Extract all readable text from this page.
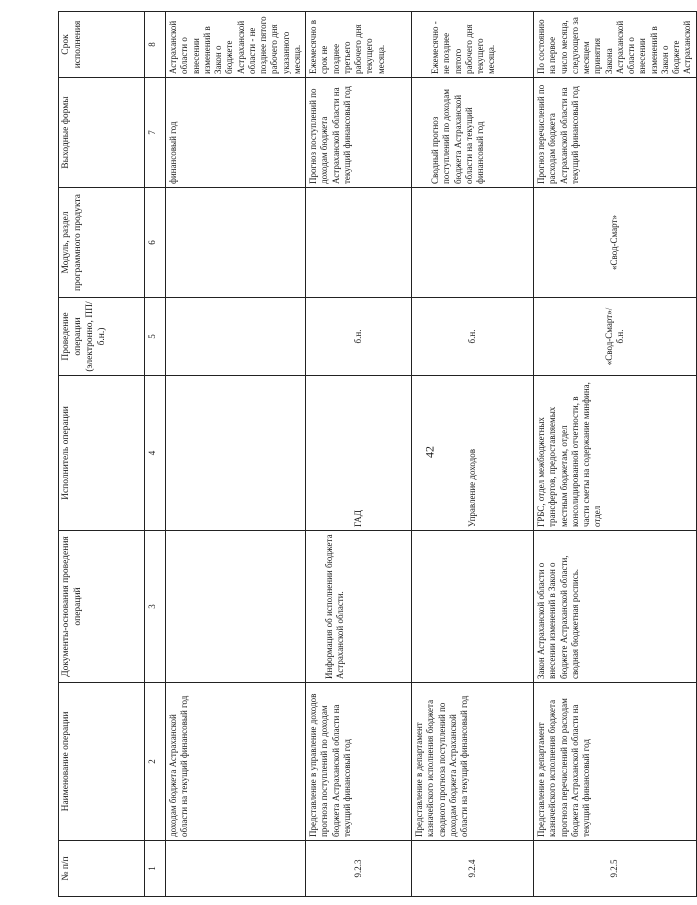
42
№ п/п	Наименование операции	Документы-основания проведения операций	Исполнитель операции	Проведение операции (электронно, ПП/б.н.)	Модуль, раздел программного продукта	Выходные формы	Срок исполнения
1	2	3	4	5	6	7	8
	доходам бюджета Астраханской области на текущий финансовый год					финансовый год	Астраханской области о внесении изменений в Закон о бюджете Астраханской области - не позднее пятого рабочего дня указанного месяца.
9.2.3	Представление в управление доходов прогноза поступлений по доходам бюджета Астраханской области на текущий финансовый год	Информация об исполнении бюджета Астраханской области.	ГАД	б.н.		Прогноз поступлений по доходам бюджета Астраханской области на текущий финансовый год	Ежемесячно в срок не позднее третьего рабочего дня текущего месяца.
9.2.4	Представление в департамент казначейского исполнения бюджета сводного прогноза поступлений по доходам бюджета Астраханской области на текущий финансовый год		Управление доходов	б.н.		Сводный прогноз поступлений по доходам бюджета Астраханской области на текущий финансовый год	Ежемесячно - не позднее пятого рабочего дня текущего месяца.
9.2.5	Представление в департамент казначейского исполнения бюджета прогноза перечислений по расходам бюджета Астраханской области на текущий финансовый год	Закон Астраханской области о внесении изменений в Закон о бюджете Астраханской области, сводная бюджетная роспись.	ГРБС, отдел межбюджетных трансфертов, предоставляемых местным бюджетам, отдел консолидированной отчетности, в части сметы на содержание минфина, отдел	«Свод-Смарт»/ б.н.	«Свод-Смарт»	Прогноз перечислений по расходам бюджета Астраханской области на текущий финансовый год	По состоянию на первое число месяца, следующего за месяцем принятия Закона Астраханской области о внесении изменений в Закон о бюджете Астраханской
